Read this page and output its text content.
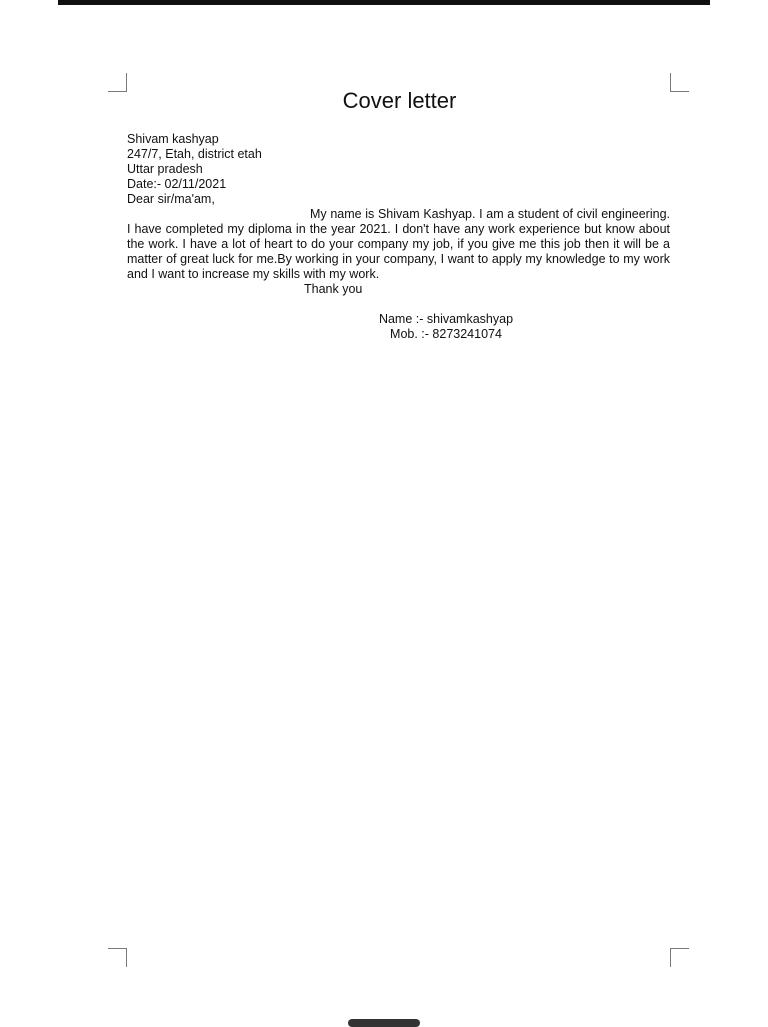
Cover letter

Shivam kashyap

247/7, Etah, district etah

Uttar pradesh

Date:- 02/11/2021

Dear sir/ma'am,

My name is Shivam Kashyap. I am a student of civil engineering. I have completed my diploma in the year 2021. I don't have any work experience but know about the work. I have a lot of heart to do your company my job, if you give me this job then it will be a matter of great luck for me.By working in your company, I want to apply my knowledge to my work and I want to increase my skills with my work.

Thank you

Name :- shivamkashyap
Mob. :- 8273241074
